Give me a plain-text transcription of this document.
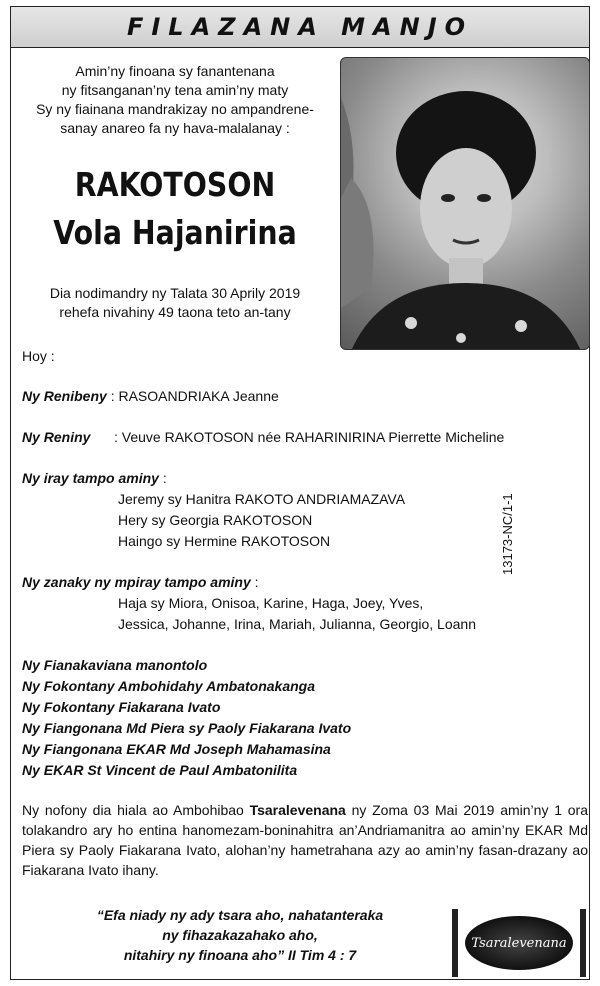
FILAZANA MANJO
Amin’ny finoana sy fanantenana
ny fitsanganan’ny tena amin’ny maty
Sy ny fiainana mandrakizay no ampandrene-
sanay anareo fa ny hava-malalanay :
RAKOTOSON
Vola Hajanirina
Dia nodimandry ny Talata 30 Aprily 2019
rehefa nivahiny 49 taona teto an-tany
Hoy :
Ny Renibeny : RASOANDRIAKA Jeanne
Ny Reniny : Veuve RAKOTOSON née RAHARINIRINA Pierrette Micheline
Ny iray tampo aminy :
Jeremy sy Hanitra RAKOTO ANDRIAMAZAVA
Hery sy Georgia RAKOTOSON
Haingo sy Hermine RAKOTOSON
Ny zanaky ny mpiray tampo aminy :
Haja sy Miora, Onisoa, Karine, Haga, Joey, Yves,
Jessica, Johanne, Irina, Mariah, Julianna, Georgio, Loann
Ny Fianakaviana manontolo
Ny Fokontany Ambohidahy Ambatonakanga
Ny Fokontany Fiakarana Ivato
Ny Fiangonana Md Piera sy Paoly Fiakarana Ivato
Ny Fiangonana EKAR Md Joseph Mahamasina
Ny EKAR St Vincent de Paul Ambatonilita
13173-NC/1-1
Ny nofony dia hiala ao Ambohibao Tsaralevenana ny Zoma 03 Mai 2019 amin’ny 1 ora tolakandro ary ho entina hanomezam-boninahitra an’Andriamanitra ao amin’ny EKAR Md Piera sy Paoly Fiakarana Ivato, alohan’ny hametrahana azy ao amin’ny fasan-drazany ao Fiakarana Ivato ihany.
“Efa niady ny ady tsara aho, nahatanteraka
ny fihazakazahako aho,
nitahiry ny finoana aho” II Tim 4 : 7
Tsaralevenana
